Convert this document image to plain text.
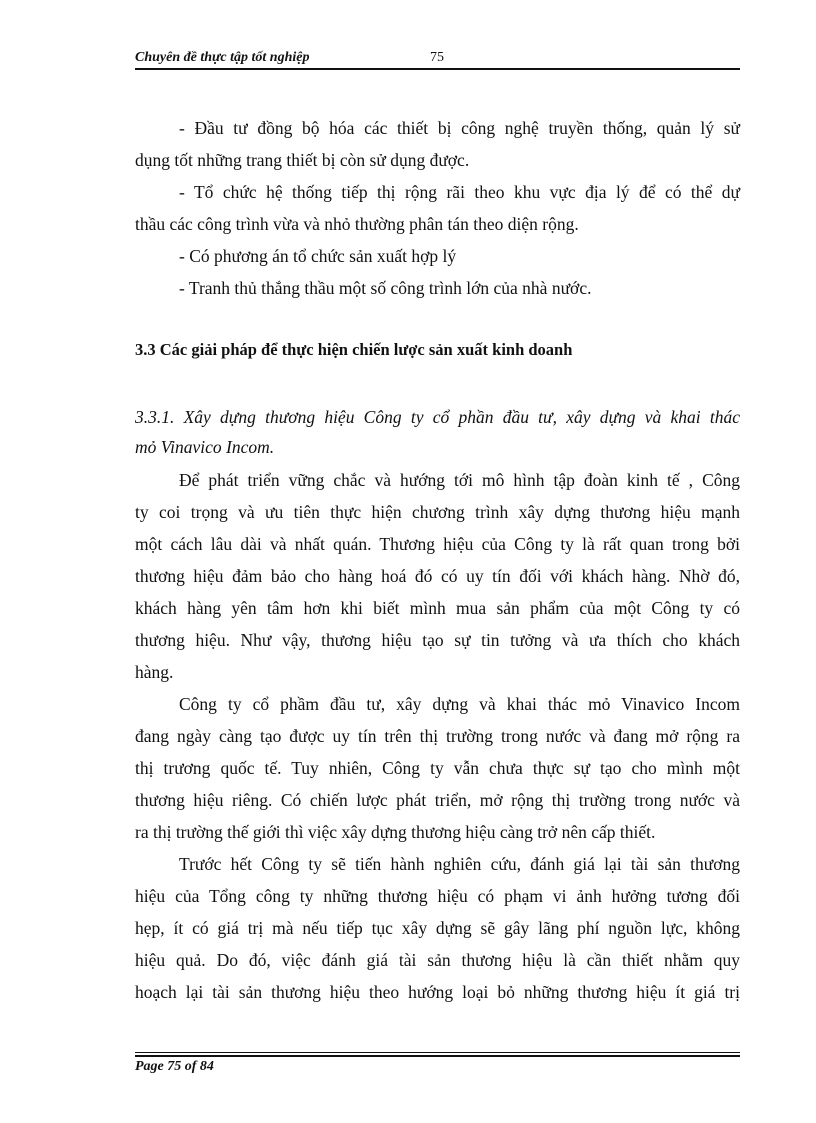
Chuyên đề thực tập tốt nghiệp	75
- Đầu tư đồng bộ hóa các thiết bị công nghệ truyền thống, quản lý sử
dụng tốt những trang thiết bị còn sử dụng được.
- Tổ chức hệ thống tiếp thị rộng rãi theo khu vực địa lý để có thể dự
thầu các công trình vừa và nhỏ thường phân tán theo diện rộng.
- Có phương án tổ chức sản xuất hợp lý
- Tranh thủ thắng thầu một số công trình lớn của nhà nước.
3.3 Các giải pháp để thực hiện chiến lược sản xuất kinh doanh
3.3.1. Xây dựng thương hiệu Công ty cổ phần đầu tư, xây dựng và khai thác
mỏ Vinavico Incom.
Để phát triển vững chắc và hướng tới mô hình tập đoàn kinh tế , Công
ty coi trọng và ưu tiên thực hiện chương trình xây dựng thương hiệu mạnh
một cách lâu dài và nhất quán. Thương hiệu của Công ty là rất quan trong bởi
thương hiệu đảm bảo cho hàng hoá đó có uy tín đối với khách hàng. Nhờ đó,
khách hàng yên tâm hơn khi biết mình mua sản phẩm của một Công ty có
thương hiệu. Như vậy, thương hiệu tạo sự tin tưởng và ưa thích cho khách
hàng.
Công ty cổ phầm đầu tư, xây dựng và khai thác mỏ Vinavico Incom
đang ngày càng tạo được uy tín trên thị trường trong nước và đang mở rộng ra
thị trương quốc tế. Tuy nhiên, Công ty vẫn chưa thực sự tạo cho mình một
thương hiệu riêng. Có chiến lược phát triển, mở rộng thị trường trong nước và
ra thị trường thế giới thì việc xây dựng thương hiệu càng trở nên cấp thiết.
Trước hết Công ty sẽ tiến hành nghiên cứu, đánh giá lại tài sản thương
hiệu của Tổng công ty những thương hiệu có phạm vi ảnh hưởng tương đối
hẹp, ít có giá trị mà nếu tiếp tục xây dựng sẽ gây lãng phí nguồn lực, không
hiệu quả. Do đó, việc đánh giá tài sản thương hiệu là cần thiết nhằm quy
hoạch lại tài sản thương hiệu theo hướng loại bỏ những thương hiệu ít giá trị
Page 75 of 84
